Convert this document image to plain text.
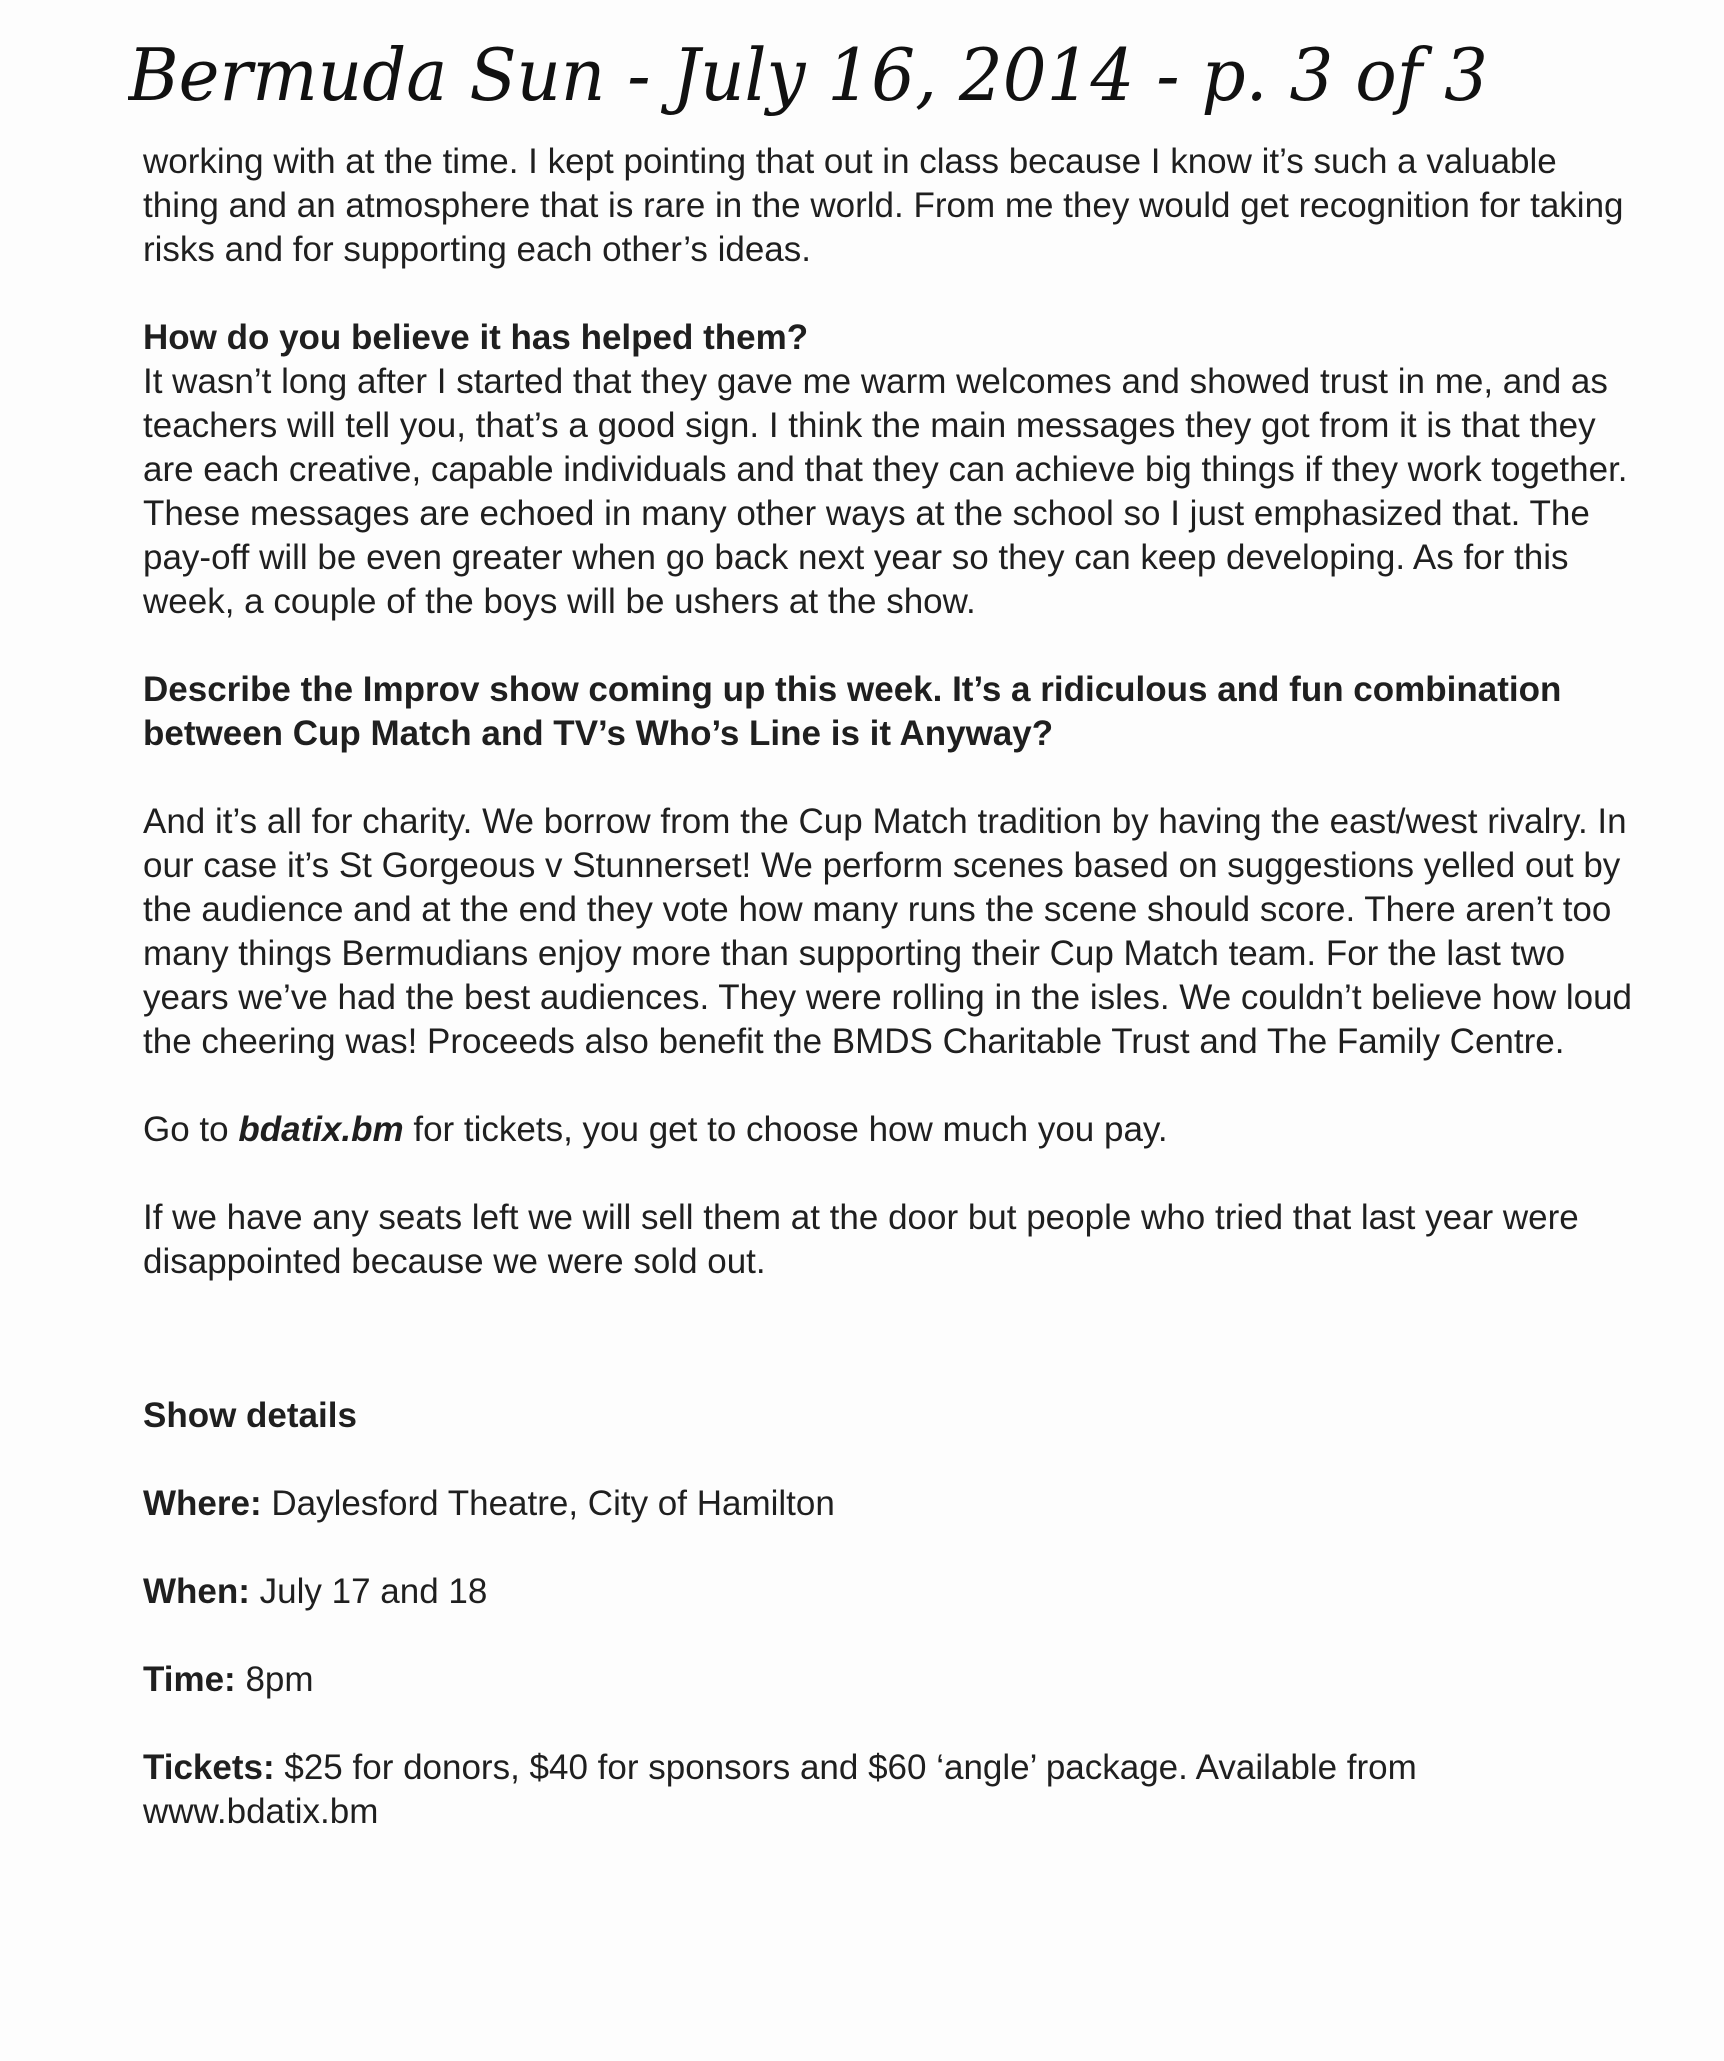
Bermuda Sun - July 16, 2014 - p. 3 of 3

working with at the time. I kept pointing that out in class because I know it’s such a valuable thing and an atmosphere that is rare in the world. From me they would get recognition for taking risks and for supporting each other’s ideas.

How do you believe it has helped them?

It wasn’t long after I started that they gave me warm welcomes and showed trust in me, and as teachers will tell you, that’s a good sign. I think the main messages they got from it is that they are each creative, capable individuals and that they can achieve big things if they work together. These messages are echoed in many other ways at the school so I just emphasized that. The pay-off will be even greater when go back next year so they can keep developing. As for this week, a couple of the boys will be ushers at the show.

Describe the Improv show coming up this week. It’s a ridiculous and fun combination between Cup Match and TV’s Who’s Line is it Anyway?

And it’s all for charity. We borrow from the Cup Match tradition by having the east/west rivalry. In our case it’s St Gorgeous v Stunnerset! We perform scenes based on suggestions yelled out by the audience and at the end they vote how many runs the scene should score. There aren’t too many things Bermudians enjoy more than supporting their Cup Match team. For the last two years we’ve had the best audiences. They were rolling in the isles. We couldn’t believe how loud the cheering was! Proceeds also benefit the BMDS Charitable Trust and The Family Centre.

Go to bdatix.bm for tickets, you get to choose how much you pay.

If we have any seats left we will sell them at the door but people who tried that last year were disappointed because we were sold out.

Show details

Where: Daylesford Theatre, City of Hamilton

When: July 17 and 18

Time: 8pm

Tickets: $25 for donors, $40 for sponsors and $60 ‘angle’ package. Available from www.bdatix.bm
